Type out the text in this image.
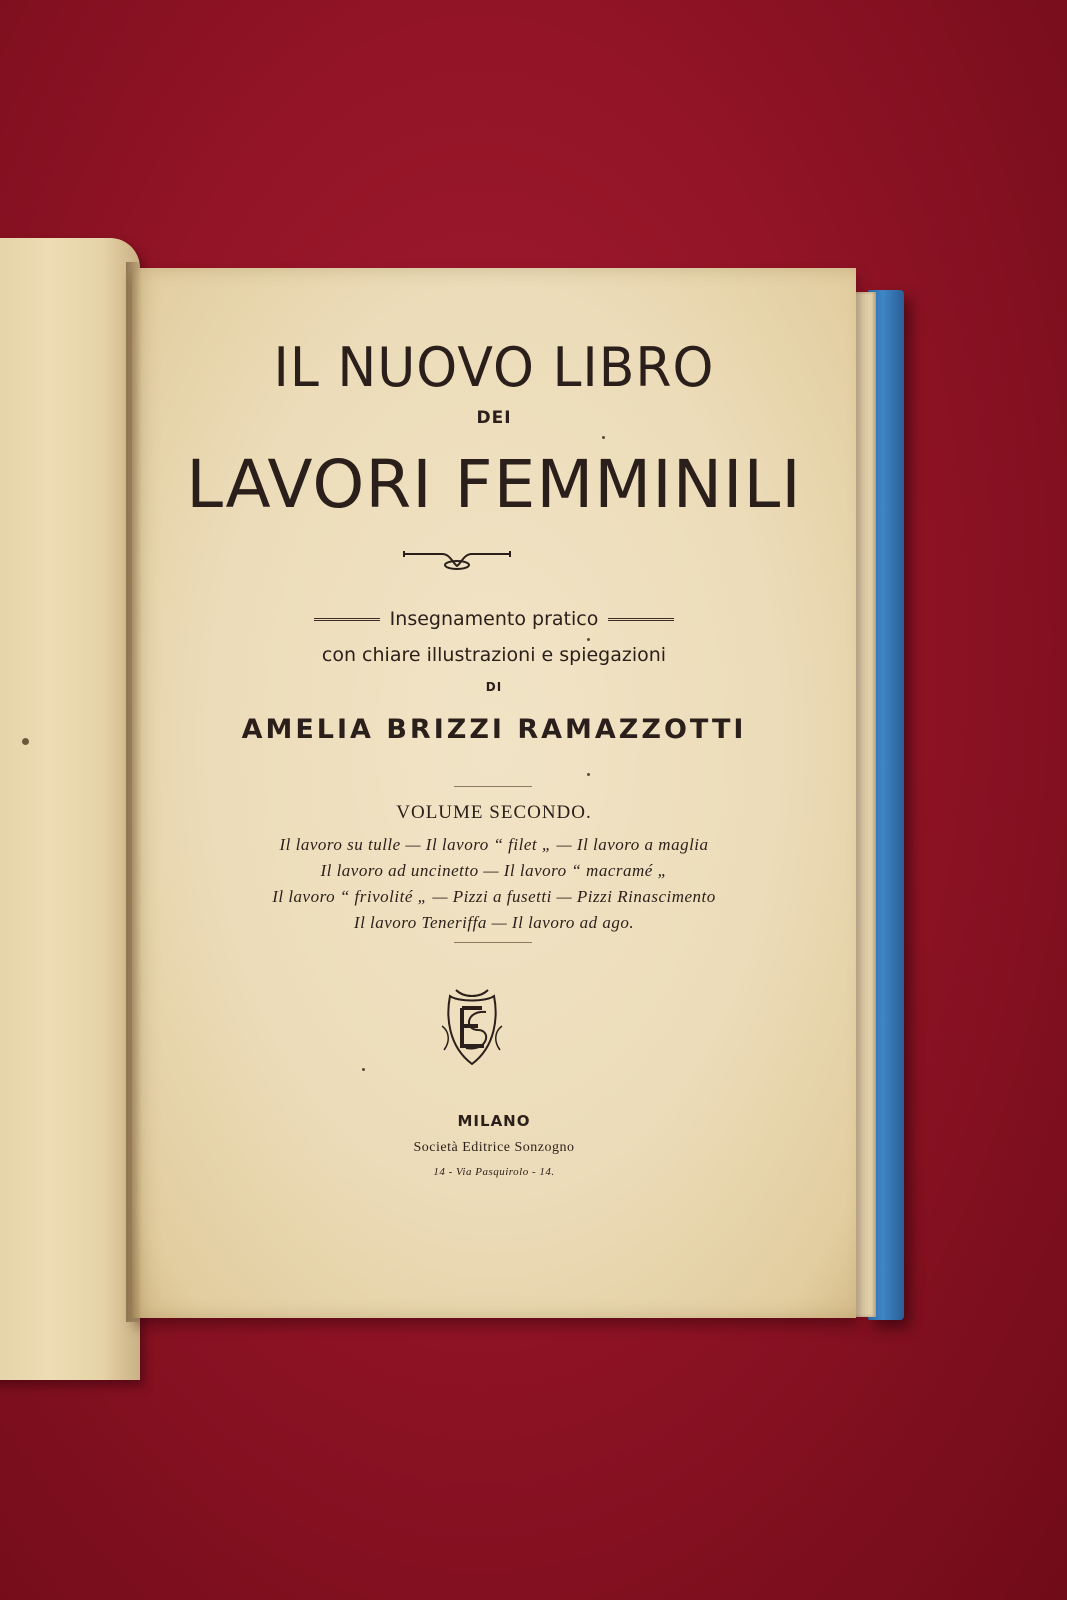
IL NUOVO LIBRO
DEI
LAVORI FEMMINILI
Insegnamento pratico
con chiare illustrazioni e spiegazioni
DI
AMELIA BRIZZI RAMAZZOTTI
VOLUME SECONDO.
Il lavoro su tulle — Il lavoro “ filet „ — Il lavoro a maglia
Il lavoro ad uncinetto — Il lavoro “ macramé „
Il lavoro “ frivolité „ — Pizzi a fusetti — Pizzi Rinascimento
Il lavoro Teneriffa — Il lavoro ad ago.
MILANO
Società Editrice Sonzogno
14 - Via Pasquirolo - 14.
